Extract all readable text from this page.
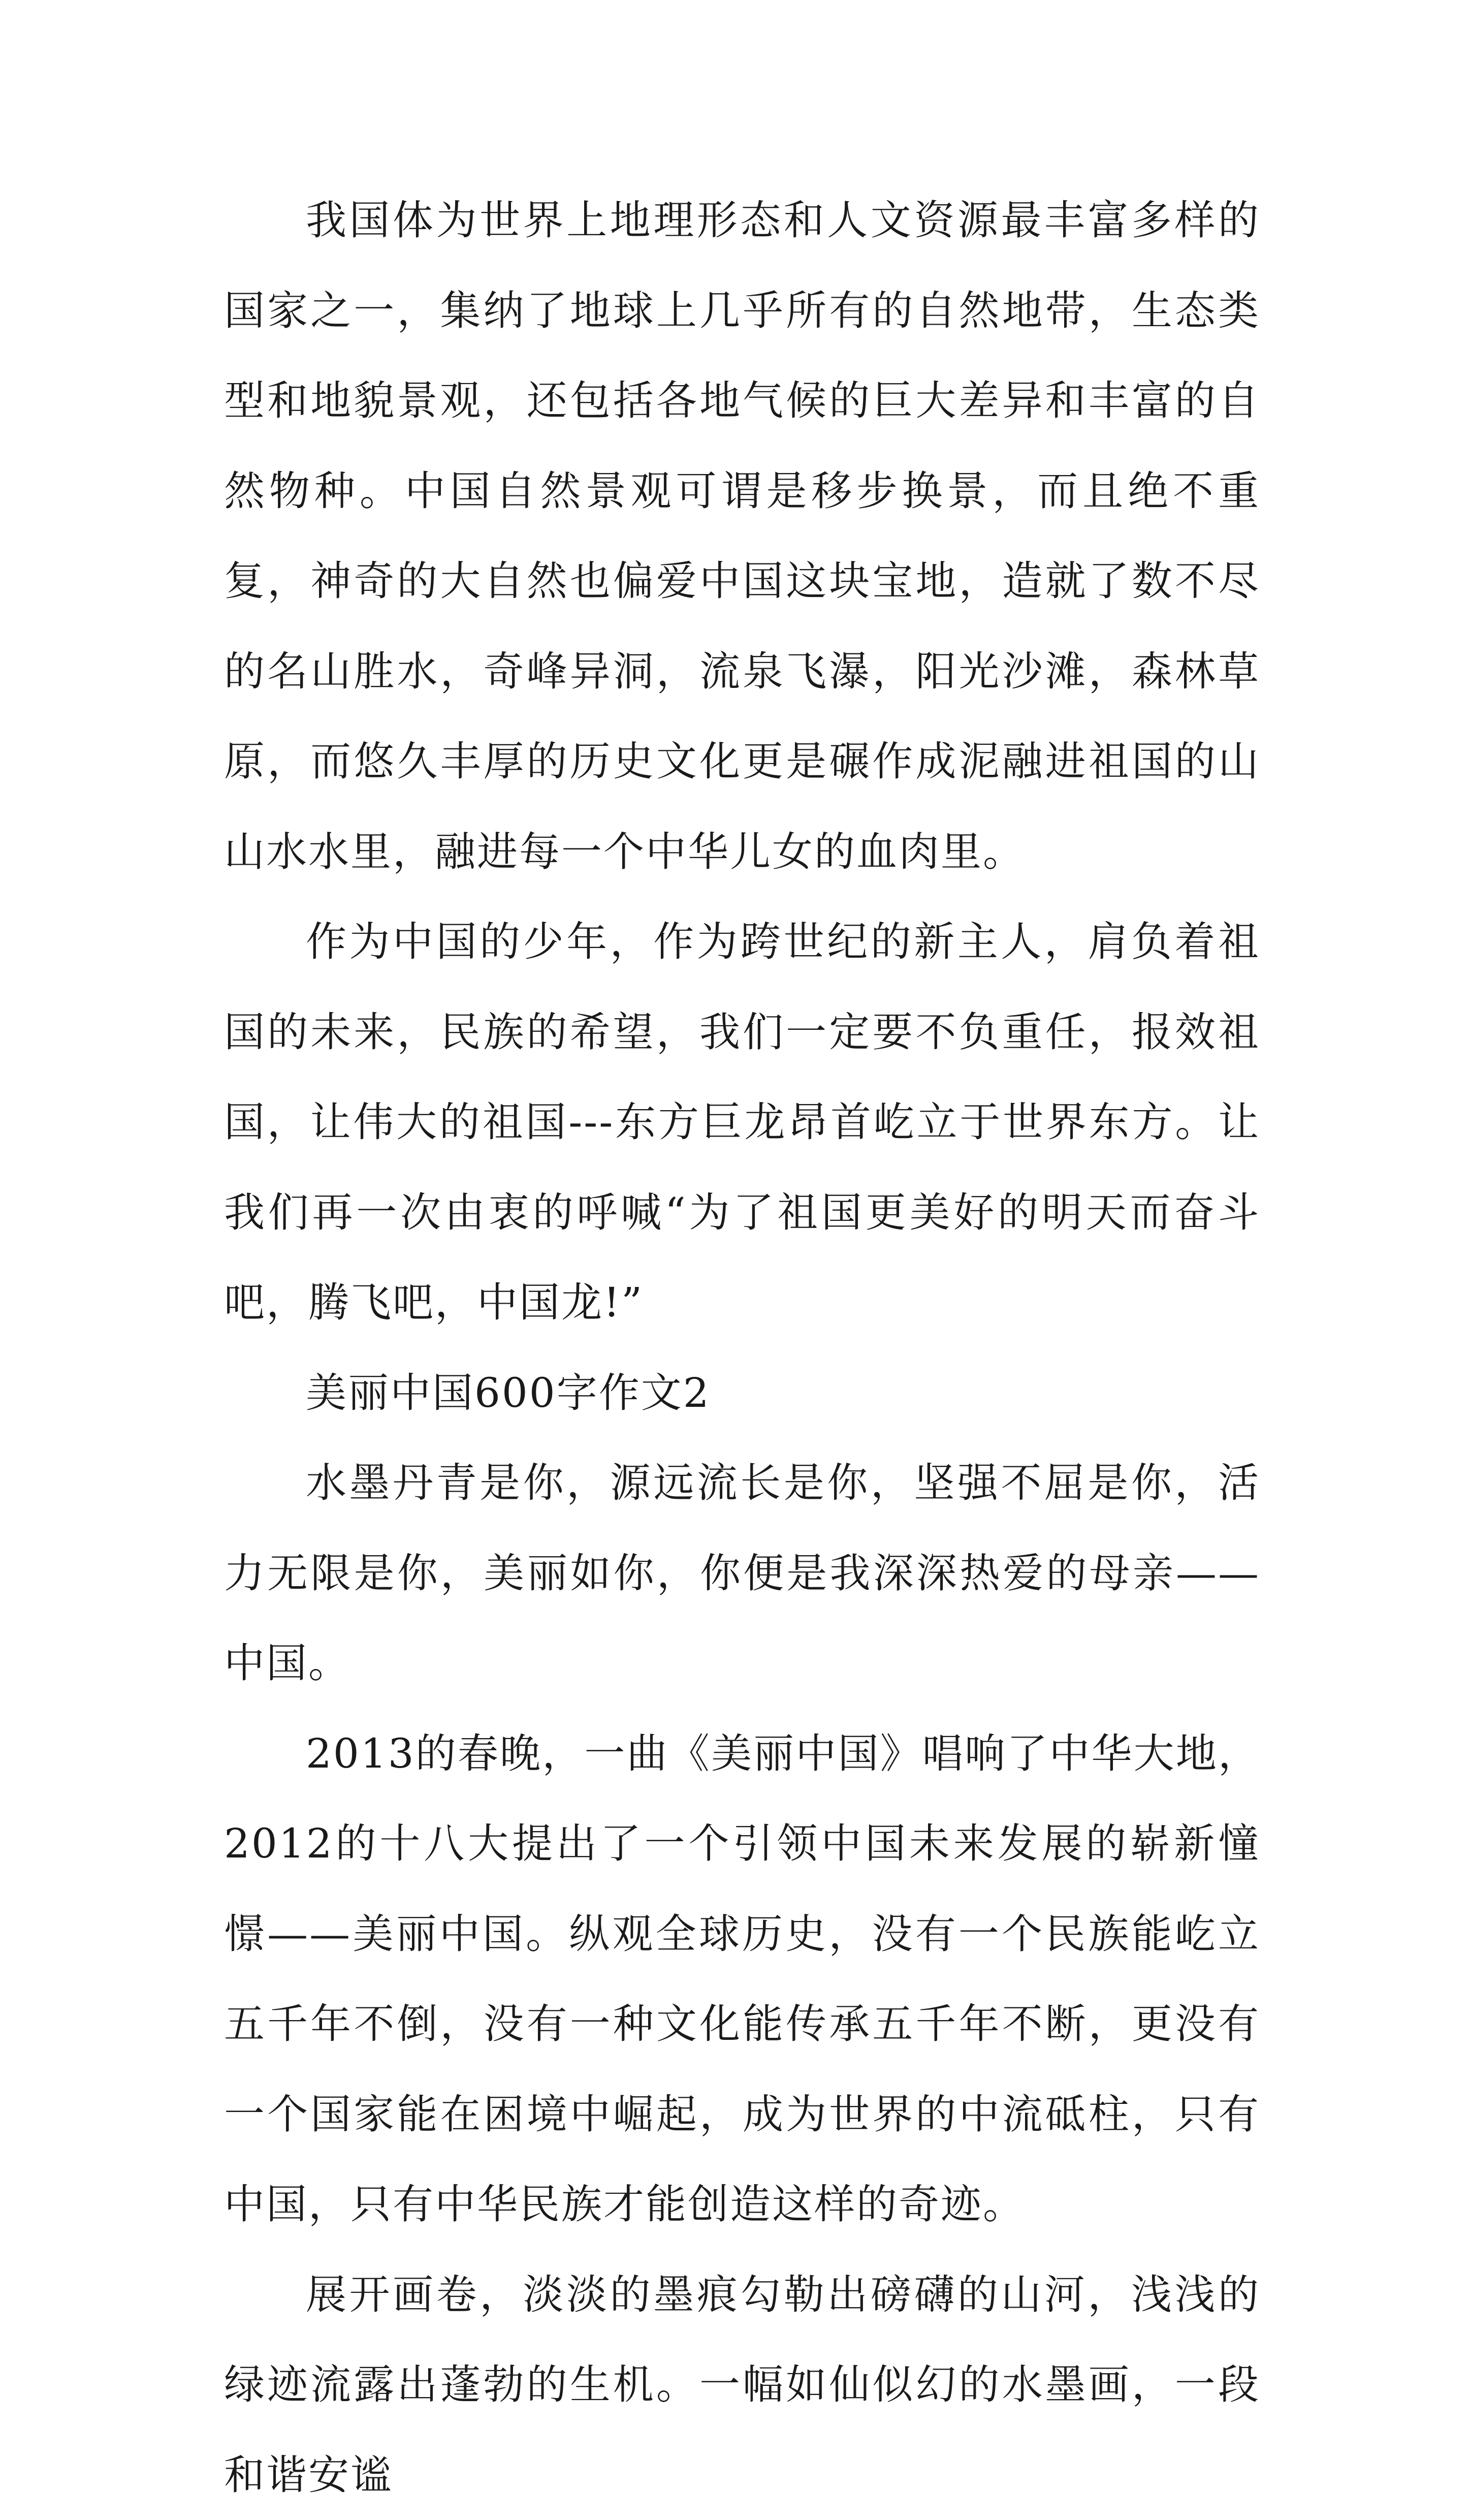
我国体为世界上地理形态和人文资源最丰富多样的国家之一，集纳了地球上几乎所有的自然地带，生态类型和地貌景观，还包括各地气候的巨大差异和丰富的自然物种。中国自然景观可谓是移步换景，而且绝不重复，神奇的大自然也偏爱中国这块宝地，造就了数不尽的名山胜水，奇峰异洞，流泉飞瀑，阳光沙滩，森林草原，而悠久丰厚的历史文化更是碾作成泥融进祖国的山山水水里，融进每一个中华儿女的血肉里。

作为中国的少年，作为跨世纪的新主人，肩负着祖国的未来，民族的希望，我们一定要不负重任，报效祖国，让伟大的祖国---东方巨龙昂首屹立于世界东方。让我们再一次由衷的呼喊“为了祖国更美好的明天而奋斗吧，腾飞吧，中国龙!”

美丽中国600字作文2

水墨丹青是你，源远流长是你，坚强不屈是你，活力无限是你，美丽如你，你便是我深深热爱的母亲——中国。

2013的春晚，一曲《美丽中国》唱响了中华大地，2012的十八大提出了一个引领中国未来发展的崭新憧憬——美丽中国。纵观全球历史，没有一个民族能屹立五千年不倒，没有一种文化能传承五千年不断，更没有一个国家能在困境中崛起，成为世界的中流砥柱，只有中国，只有中华民族才能创造这样的奇迹。

展开画卷，淡淡的墨痕勾勒出磅礴的山河，浅浅的绿迹流露出蓬勃的生机。一幅如仙似幻的水墨画，一段和谐安谧
